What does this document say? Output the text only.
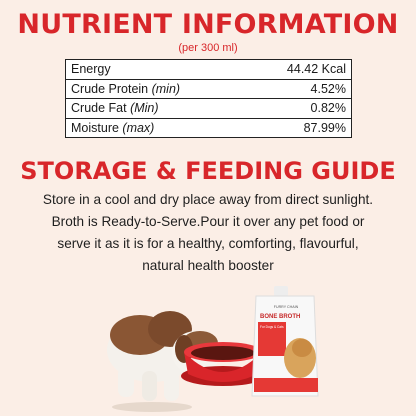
NUTRIENT INFORMATION
(per 300 ml)
Energy	44.42 Kcal
Crude Protein (min)	4.52%
Crude Fat (Min)	0.82%
Moisture (max)	87.99%
STORAGE & FEEDING GUIDE
Store in a cool and dry place away from direct sunlight.
Broth is Ready-to-Serve.Pour it over any pet food or
serve it as it is for a healthy, comforting, flavourful,
natural health booster
FURRY CHAIN
BONE BROTH
For Dogs & Cats
